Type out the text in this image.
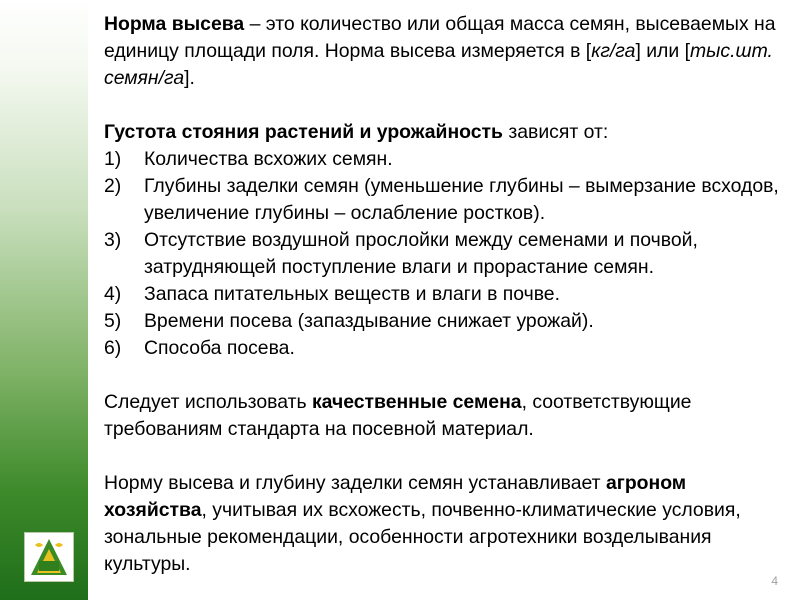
Норма высева – это количество или общая масса семян, высеваемых на единицу площади поля. Норма высева измеряется в [кг/га] или [тыс.шт. семян/га].

Густота стояния растений и урожайность зависят от:

1) Количества всхожих семян.
2) Глубины заделки семян (уменьшение глубины – вымерзание всходов, увеличение глубины – ослабление ростков).
3) Отсутствие воздушной прослойки между семенами и почвой, затрудняющей поступление влаги и прорастание семян.
4) Запаса питательных веществ и влаги в почве.
5) Времени посева (запаздывание снижает урожай).
6) Способа посева.

Следует использовать качественные семена, соответствующие требованиям стандарта на посевной материал.

Норму высева и глубину заделки семян устанавливает агроном хозяйства, учитывая их всхожесть, почвенно-климатические условия, зональные рекомендации, особенности агротехники возделывания культуры.

4
